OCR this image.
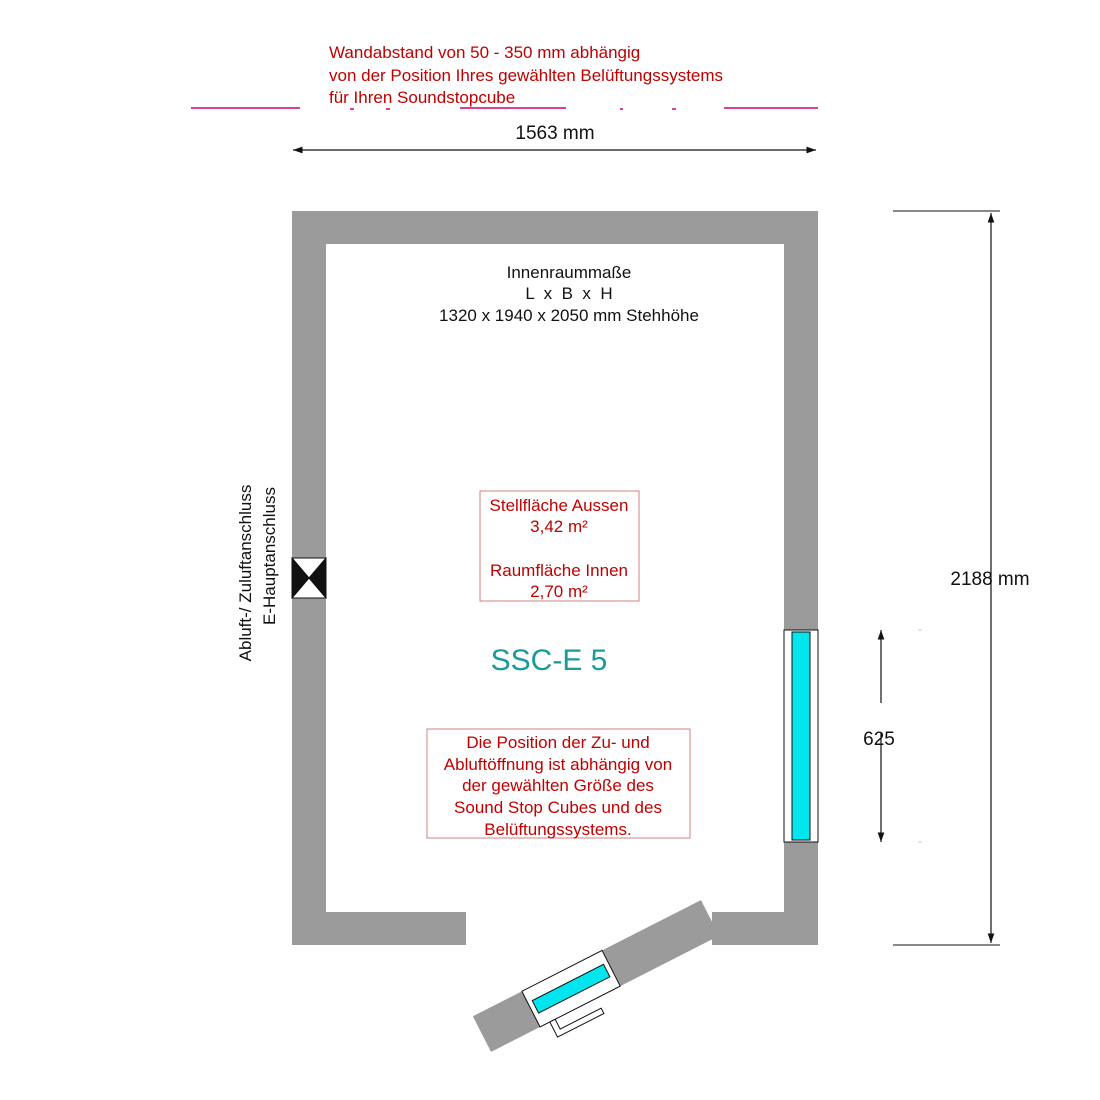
Wandabstand von 50 - 350 mm abhängig
von der Position Ihres gewählten Belüftungssystems
für Ihren Soundstopcube
1563 mm
2188 mm
625
Innenraummaße
L  x  B  x  H
1320 x 1940 x 2050 mm Stehhöhe
Stellfläche Aussen
3,42 m²
Raumfläche Innen
2,70 m²
SSC-E 5
Die Position der Zu- und
Abluftöffnung ist abhängig von
der gewählten Größe des
Sound Stop Cubes und des
Belüftungssystems.
Abluft-/ Zuluftanschluss E-Hauptanschluss
